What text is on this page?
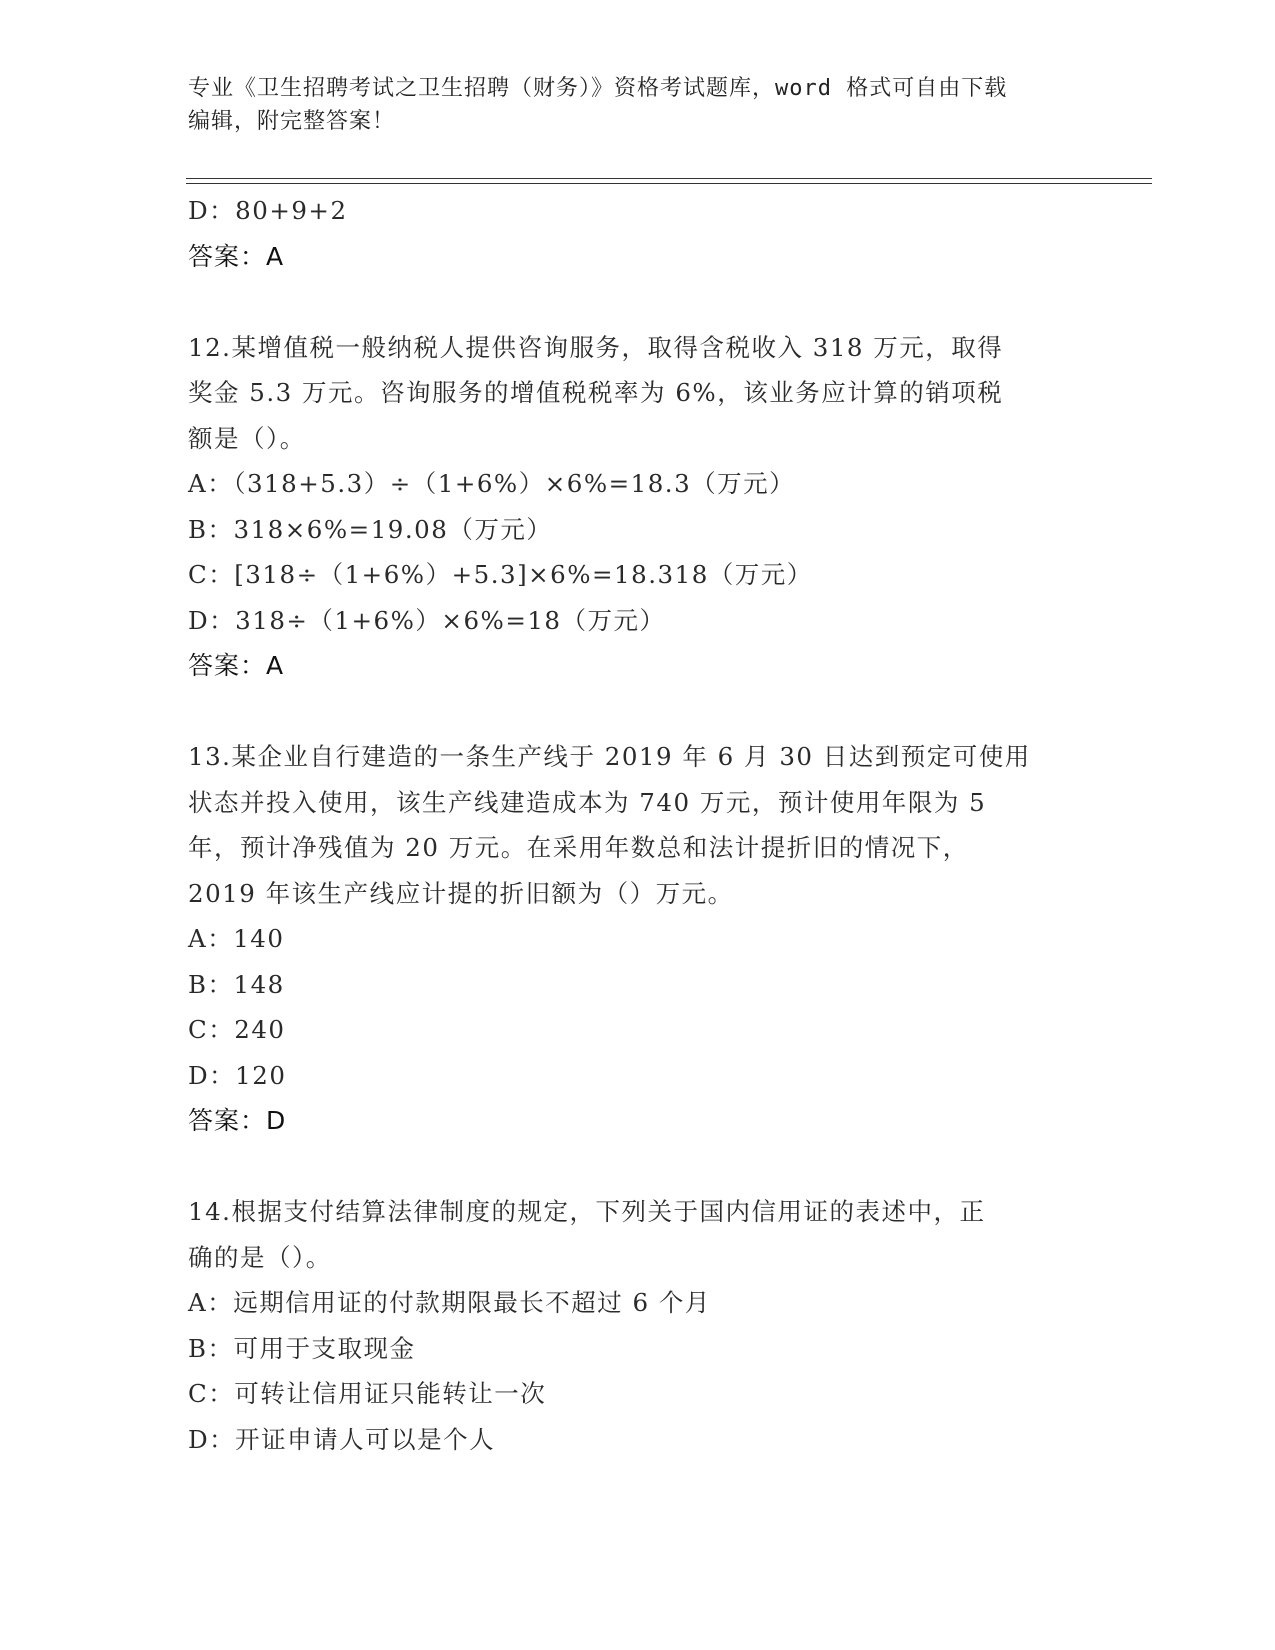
专业《卫生招聘考试之卫生招聘（财务）》资格考试题库，word 格式可自由下载
编辑，附完整答案！
D：80+9+2
答案：A
12.某增值税一般纳税人提供咨询服务，取得含税收入 318 万元，取得
奖金 5.3 万元。咨询服务的增值税税率为 6%，该业务应计算的销项税
额是（）。
A：（318+5.3）÷（1+6%）×6%=18.3（万元）
B：318×6%=19.08（万元）
C：[318÷（1+6%）+5.3]×6%=18.318（万元）
D：318÷（1+6%）×6%=18（万元）
答案：A
13.某企业自行建造的一条生产线于 2019 年 6 月 30 日达到预定可使用
状态并投入使用，该生产线建造成本为 740 万元，预计使用年限为 5
年，预计净残值为 20 万元。在采用年数总和法计提折旧的情况下，
2019 年该生产线应计提的折旧额为（）万元。
A：140
B：148
C：240
D：120
答案：D
14.根据支付结算法律制度的规定，下列关于国内信用证的表述中，正
确的是（）。
A：远期信用证的付款期限最长不超过 6 个月
B：可用于支取现金
C：可转让信用证只能转让一次
D：开证申请人可以是个人
